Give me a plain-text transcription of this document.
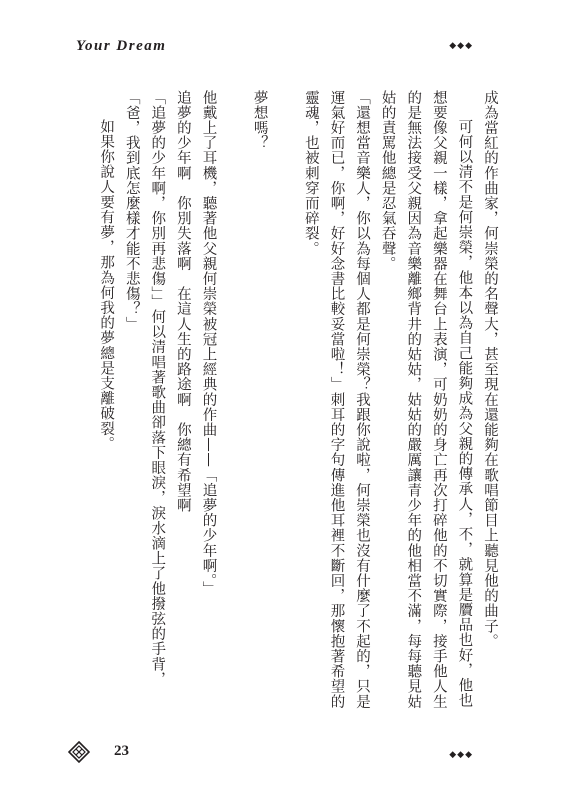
Your Dream	◆◆◆

成為當紅的作曲家，何崇榮的名聲大，甚至現在還能夠在歌唱節目上聽見他的曲子。

可何以清不是何崇榮，他本以為自己能夠成為父親的傳承人，不，就算是贗品也好，他也想要像父親一樣，拿起樂器在舞台上表演，可奶奶的身亡再次打碎他的不切實際，接手他人生的是無法接受父親因為音樂離鄉背井的姑姑，姑姑的嚴厲讓青少年的他相當不滿，每每聽見姑姑的責罵他總是忍氣吞聲。

「還想當音樂人，你以為每個人都是何崇榮？我跟你說啦，何崇榮也沒有什麼了不起的，只是運氣好而已，你啊，好好念書比較妥當啦！」刺耳的字句傳進他耳裡不斷回，那懷抱著希望的靈魂，也被刺穿而碎裂。

夢想嗎？

他戴上了耳機，聽著他父親何崇榮被冠上經典的作曲——「追夢的少年啊。」

追夢的少年啊　你別失落啊　在這人生的路途啊　你總有希望啊

「追夢的少年啊，你別再悲傷」」何以清唱著歌曲卻落下眼淚，淚水滴上了他撥弦的手背，

「爸，我到底怎麼樣才能不悲傷？」

如果你說人要有夢，那為何我的夢總是支離破裂。

23	◆◆◆
